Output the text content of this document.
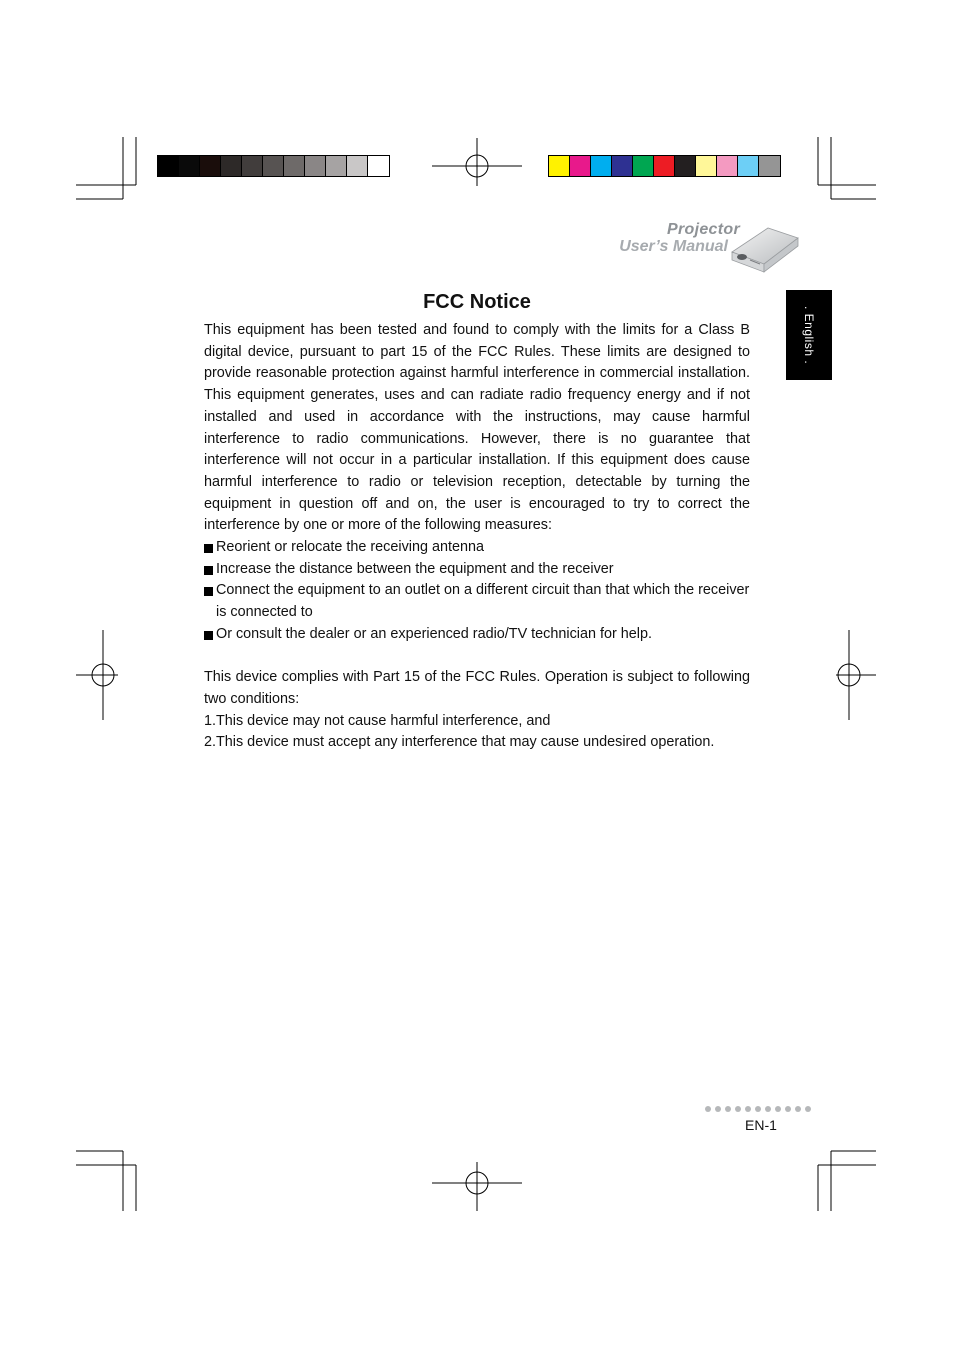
Projector
User’s Manual
. English .
FCC Notice

This equipment has been tested and found to comply with the limits for a Class B digital device, pursuant to part 15 of the FCC Rules. These limits are designed to provide reasonable protection against harmful interference in commercial installation. This equipment generates, uses and can radiate radio frequency energy and if not installed and used in accordance with the instructions, may cause harmful interference to radio communications. However, there is no guarantee that interference will not occur in a particular installation. If this equipment does cause harmful interference to radio or television reception, detectable by turning the equipment in question off and on, the user is encouraged to try to correct the interference by one or more of the following measures:

Reorient or relocate the receiving antenna
Increase the distance between the equipment and the receiver
Connect the equipment to an outlet on a different circuit than that which the receiver is connected to
Or consult the dealer or an experienced radio/TV technician for help.

This device complies with Part 15 of the FCC Rules. Operation is subject to following two conditions:

1.This device may not cause harmful interference, and

2.This device must accept any interference that may cause undesired operation.

EN-1
